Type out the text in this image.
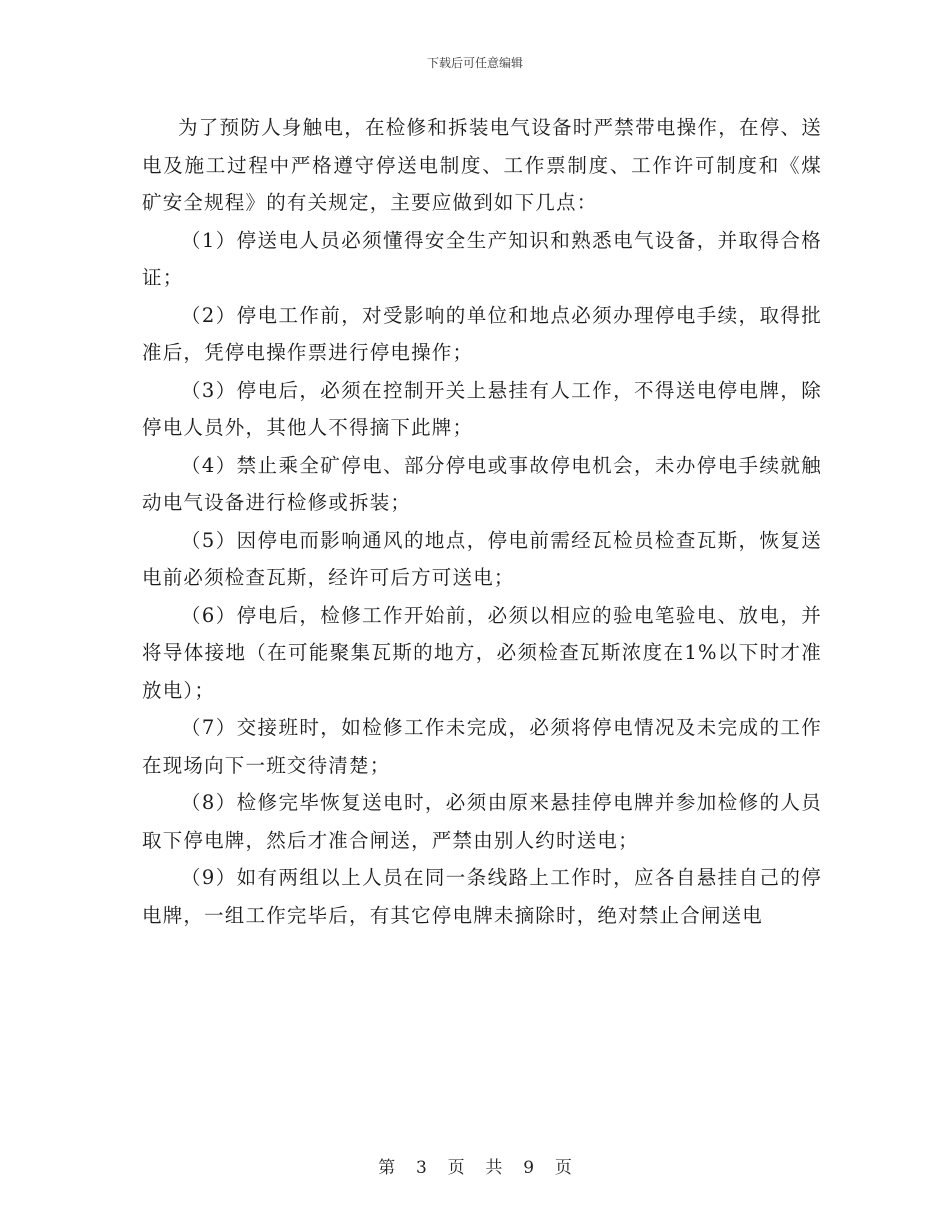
下载后可任意编辑

为了预防人身触电，在检修和拆装电气设备时严禁带电操作，在停、送电及施工过程中严格遵守停送电制度、工作票制度、工作许可制度和《煤矿安全规程》的有关规定，主要应做到如下几点：

（1）停送电人员必须懂得安全生产知识和熟悉电气设备，并取得合格证；

（2）停电工作前，对受影响的单位和地点必须办理停电手续，取得批准后，凭停电操作票进行停电操作；

（3）停电后，必须在控制开关上悬挂有人工作，不得送电停电牌，除停电人员外，其他人不得摘下此牌；

（4）禁止乘全矿停电、部分停电或事故停电机会，未办停电手续就触动电气设备进行检修或拆装；

（5）因停电而影响通风的地点，停电前需经瓦检员检查瓦斯，恢复送电前必须检查瓦斯，经许可后方可送电；

（6）停电后，检修工作开始前，必须以相应的验电笔验电、放电，并将导体接地（在可能聚集瓦斯的地方，必须检查瓦斯浓度在1%以下时才准放电）；

（7）交接班时，如检修工作未完成，必须将停电情况及未完成的工作在现场向下一班交待清楚；

（8）检修完毕恢复送电时，必须由原来悬挂停电牌并参加检修的人员取下停电牌，然后才准合闸送，严禁由别人约时送电；

（9）如有两组以上人员在同一条线路上工作时，应各自悬挂自己的停电牌，一组工作完毕后，有其它停电牌未摘除时，绝对禁止合闸送电

第 3 页 共 9 页
